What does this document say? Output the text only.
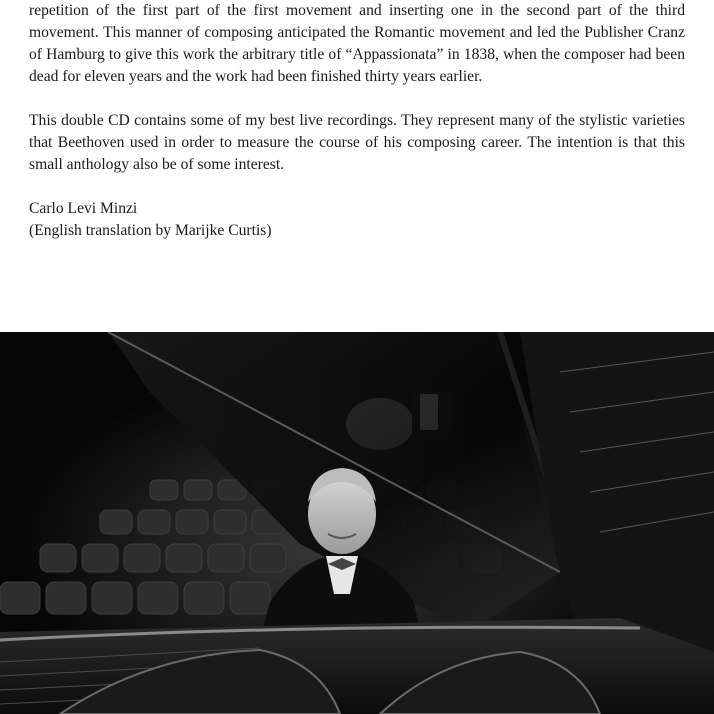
repetition of the first part of the first movement and inserting one in the second part of the third movement. This manner of composing anticipated the Romantic movement and led the Publisher Cranz of Hamburg to give this work the arbitrary title of “Appassionata” in 1838, when the composer had been dead for eleven years and the work had been finished thirty years earlier.

This double CD contains some of my best live recordings. They represent many of the stylistic varieties that Beethoven used in order to measure the course of his composing career. The intention is that this small anthology also be of some interest.

Carlo Levi Minzi
(English translation by Marijke Curtis)
